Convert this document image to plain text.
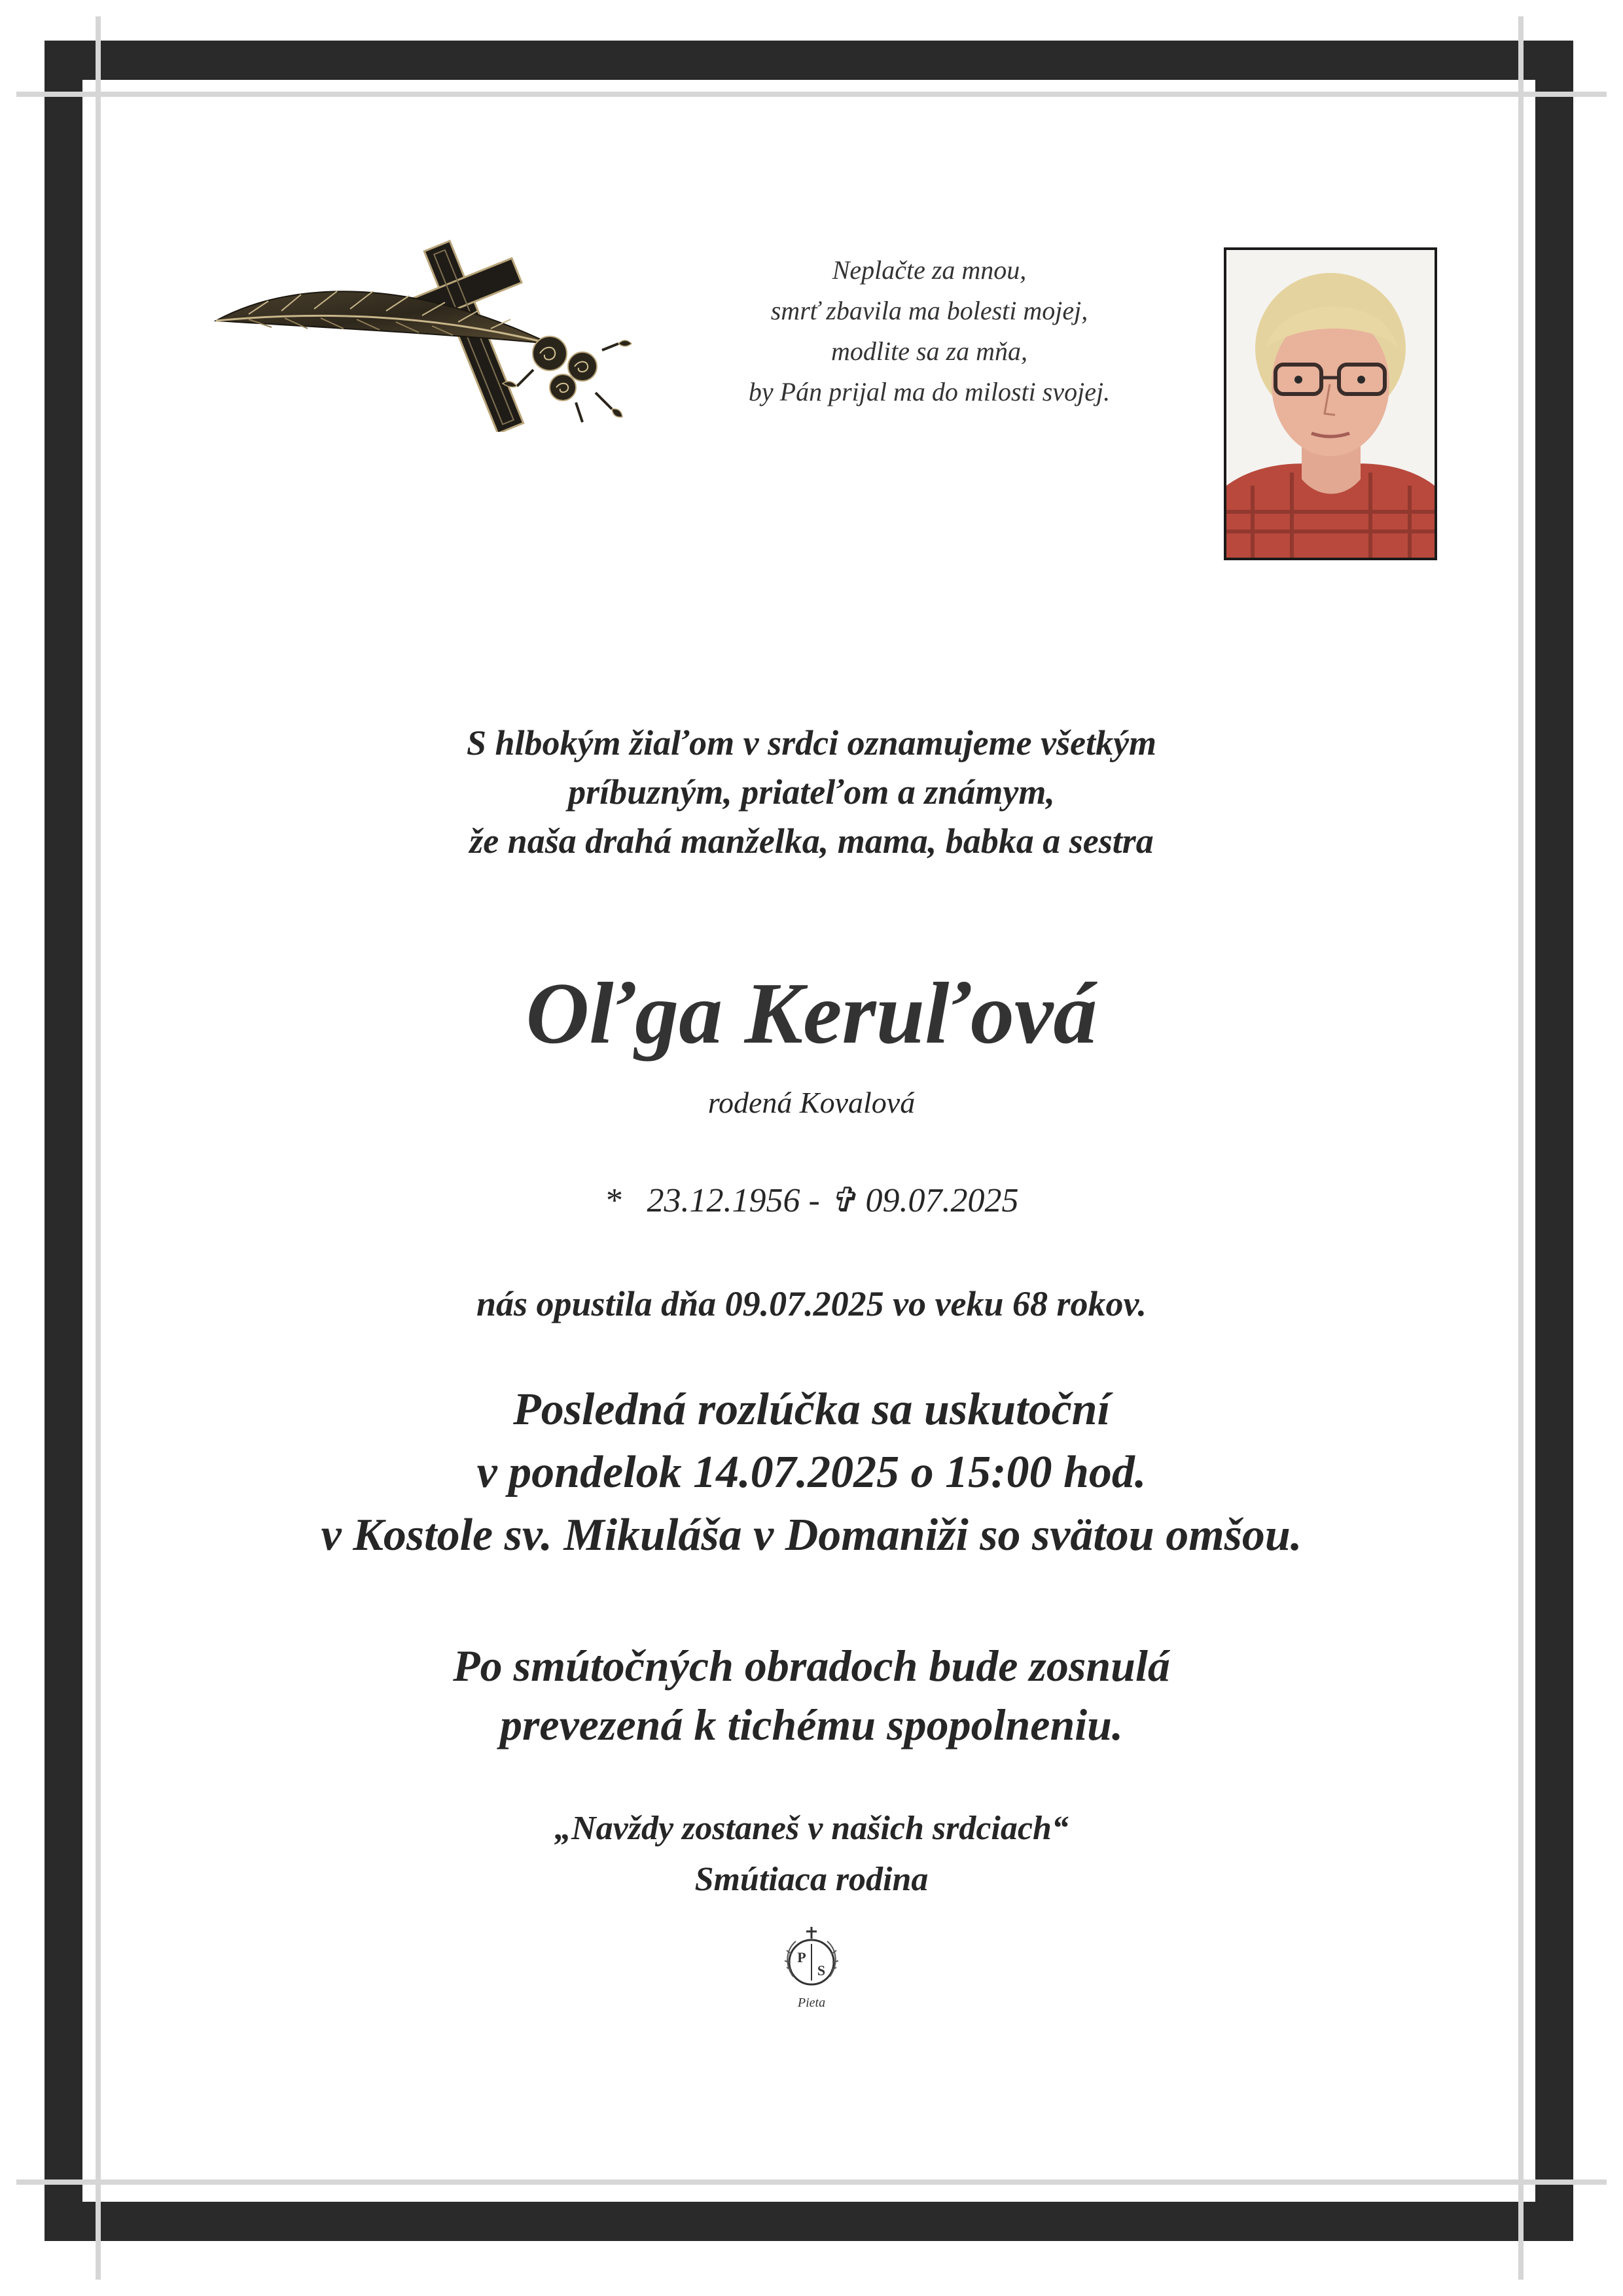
Neplačte za mnou,
smrť zbavila ma bolesti mojej,
modlite sa za mňa,
by Pán prijal ma do milosti svojej.
S hlbokým žiaľom v srdci oznamujeme všetkým
príbuzným, priateľom a známym,
že naša drahá manželka, mama, babka a sestra
Oľga Keruľová
rodená Kovalová
* 23.12.1956 - ✞ 09.07.2025
nás opustila dňa 09.07.2025 vo veku 68 rokov.
Posledná rozlúčka sa uskutoční
v pondelok 14.07.2025 o 15:00 hod.
v Kostole sv. Mikuláša v Domaniži so svätou omšou.
Po smútočných obradoch bude zosnulá
prevezená k tichému spopolneniu.
„Navždy zostaneš v našich srdciach“
Smútiaca rodina
P
S
Pieta
